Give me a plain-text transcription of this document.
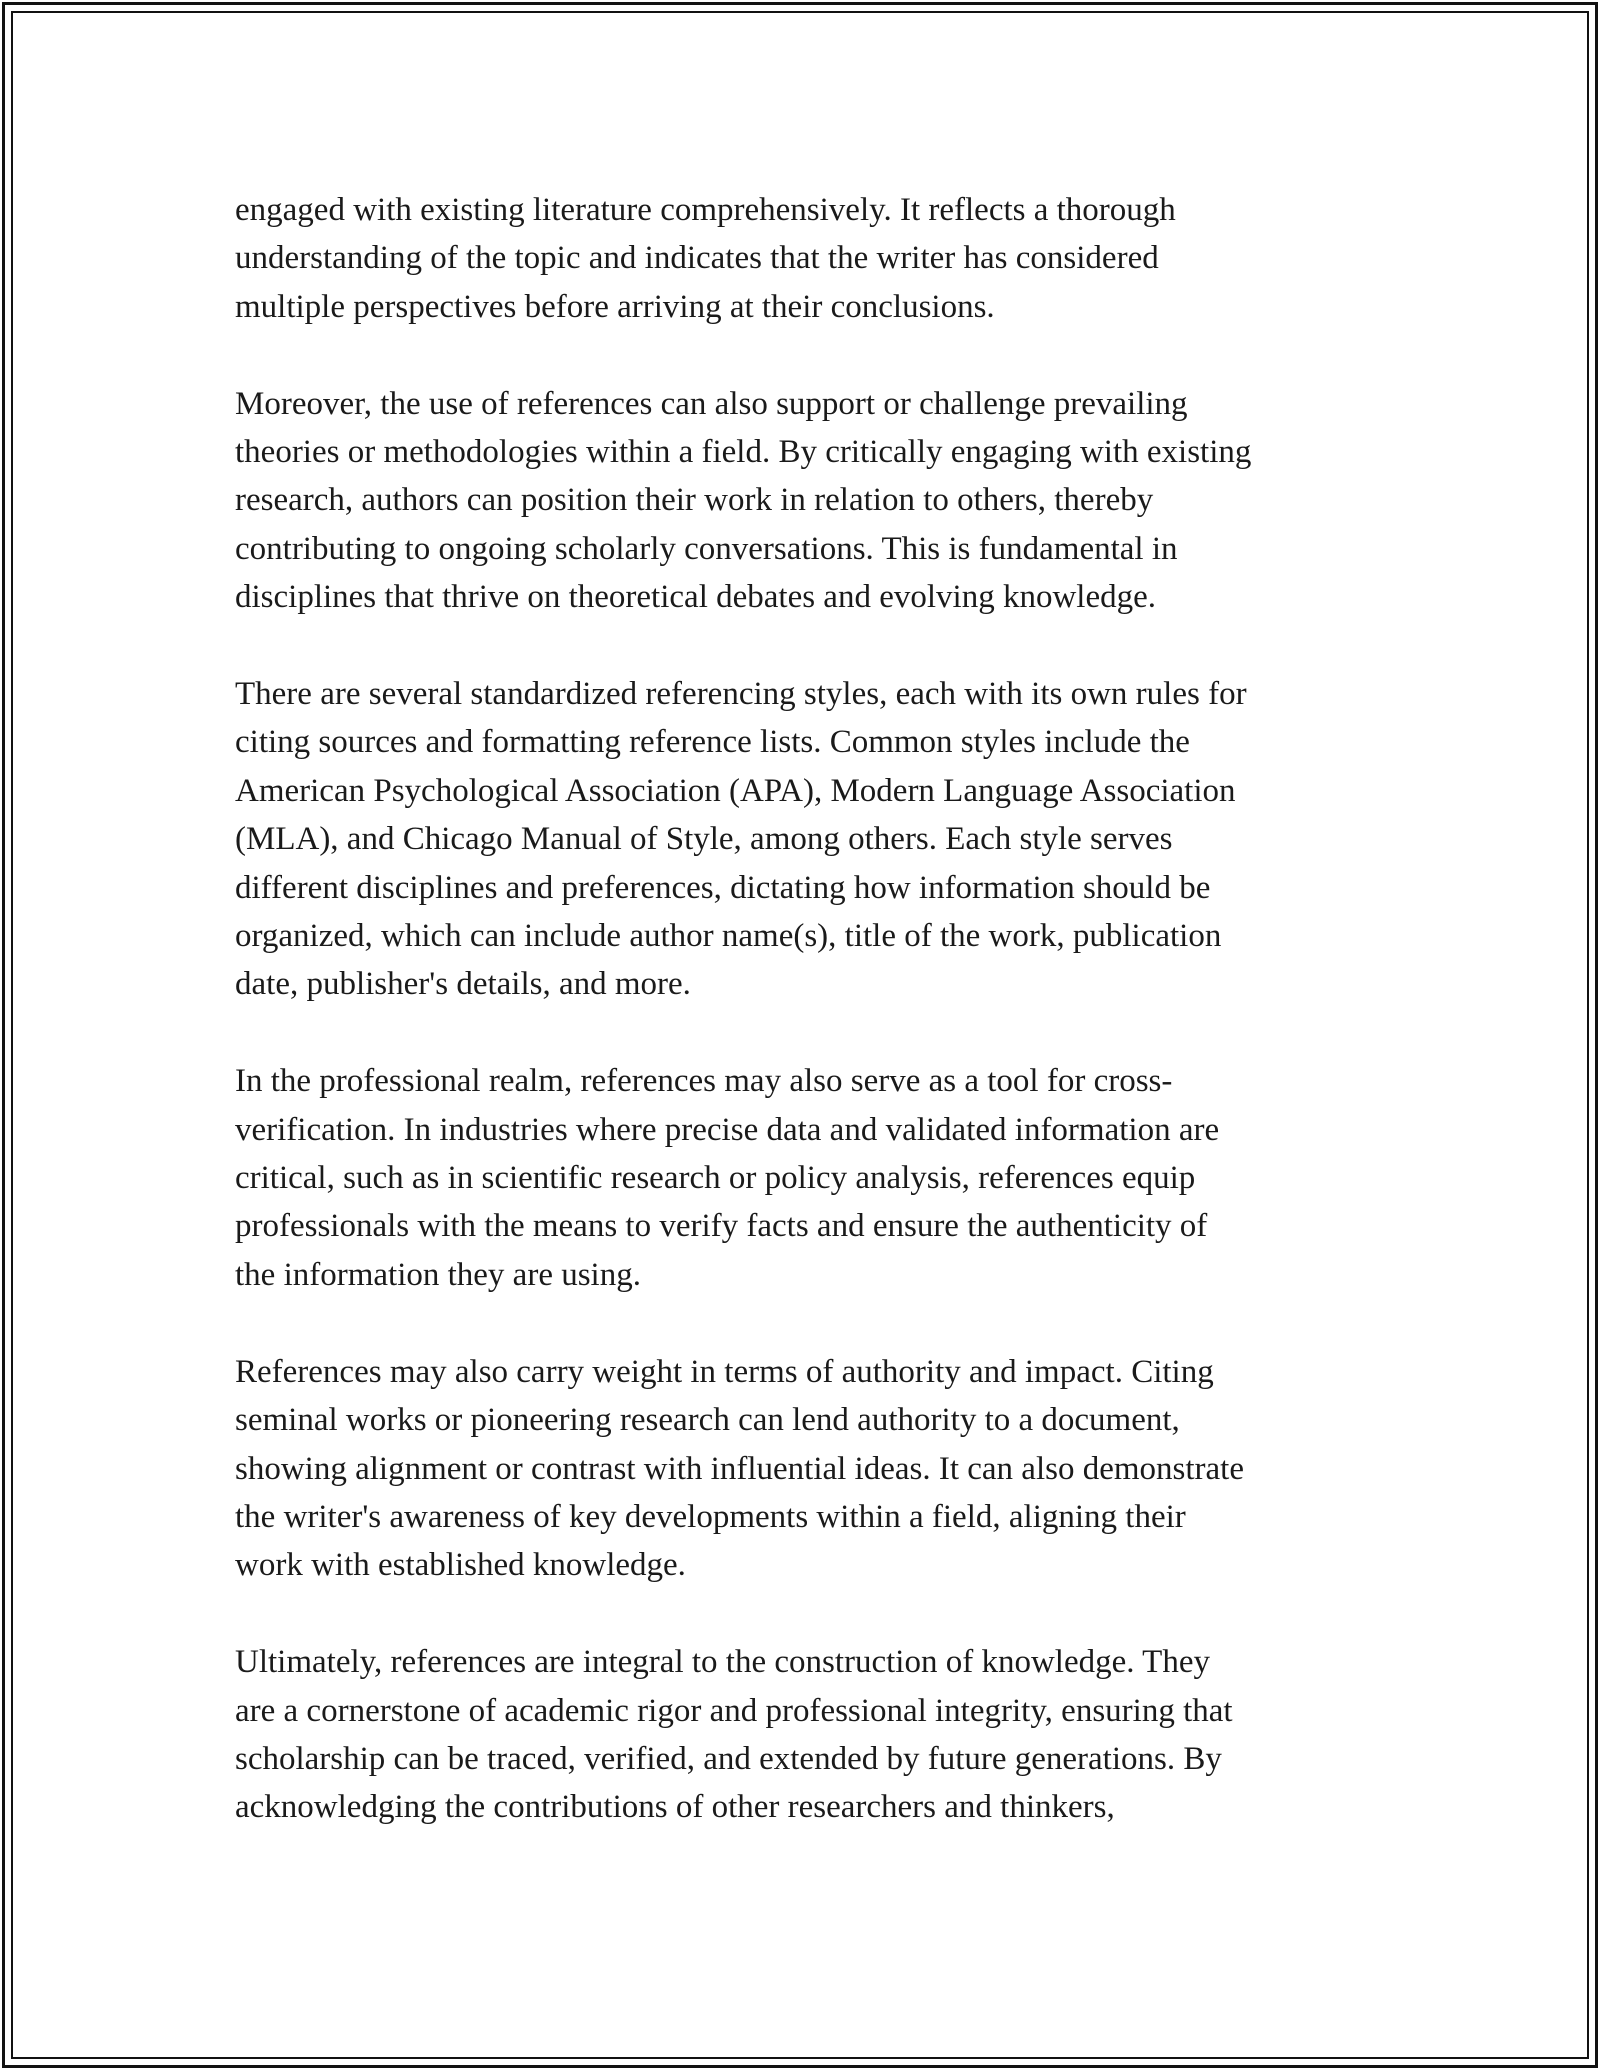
engaged with existing literature comprehensively. It reflects a thorough
understanding of the topic and indicates that the writer has considered
multiple perspectives before arriving at their conclusions.

Moreover, the use of references can also support or challenge prevailing
theories or methodologies within a field. By critically engaging with existing
research, authors can position their work in relation to others, thereby
contributing to ongoing scholarly conversations. This is fundamental in
disciplines that thrive on theoretical debates and evolving knowledge.

There are several standardized referencing styles, each with its own rules for
citing sources and formatting reference lists. Common styles include the
American Psychological Association (APA), Modern Language Association
(MLA), and Chicago Manual of Style, among others. Each style serves
different disciplines and preferences, dictating how information should be
organized, which can include author name(s), title of the work, publication
date, publisher's details, and more.

In the professional realm, references may also serve as a tool for cross-
verification. In industries where precise data and validated information are
critical, such as in scientific research or policy analysis, references equip
professionals with the means to verify facts and ensure the authenticity of
the information they are using.

References may also carry weight in terms of authority and impact. Citing
seminal works or pioneering research can lend authority to a document,
showing alignment or contrast with influential ideas. It can also demonstrate
the writer's awareness of key developments within a field, aligning their
work with established knowledge.

Ultimately, references are integral to the construction of knowledge. They
are a cornerstone of academic rigor and professional integrity, ensuring that
scholarship can be traced, verified, and extended by future generations. By
acknowledging the contributions of other researchers and thinkers,
